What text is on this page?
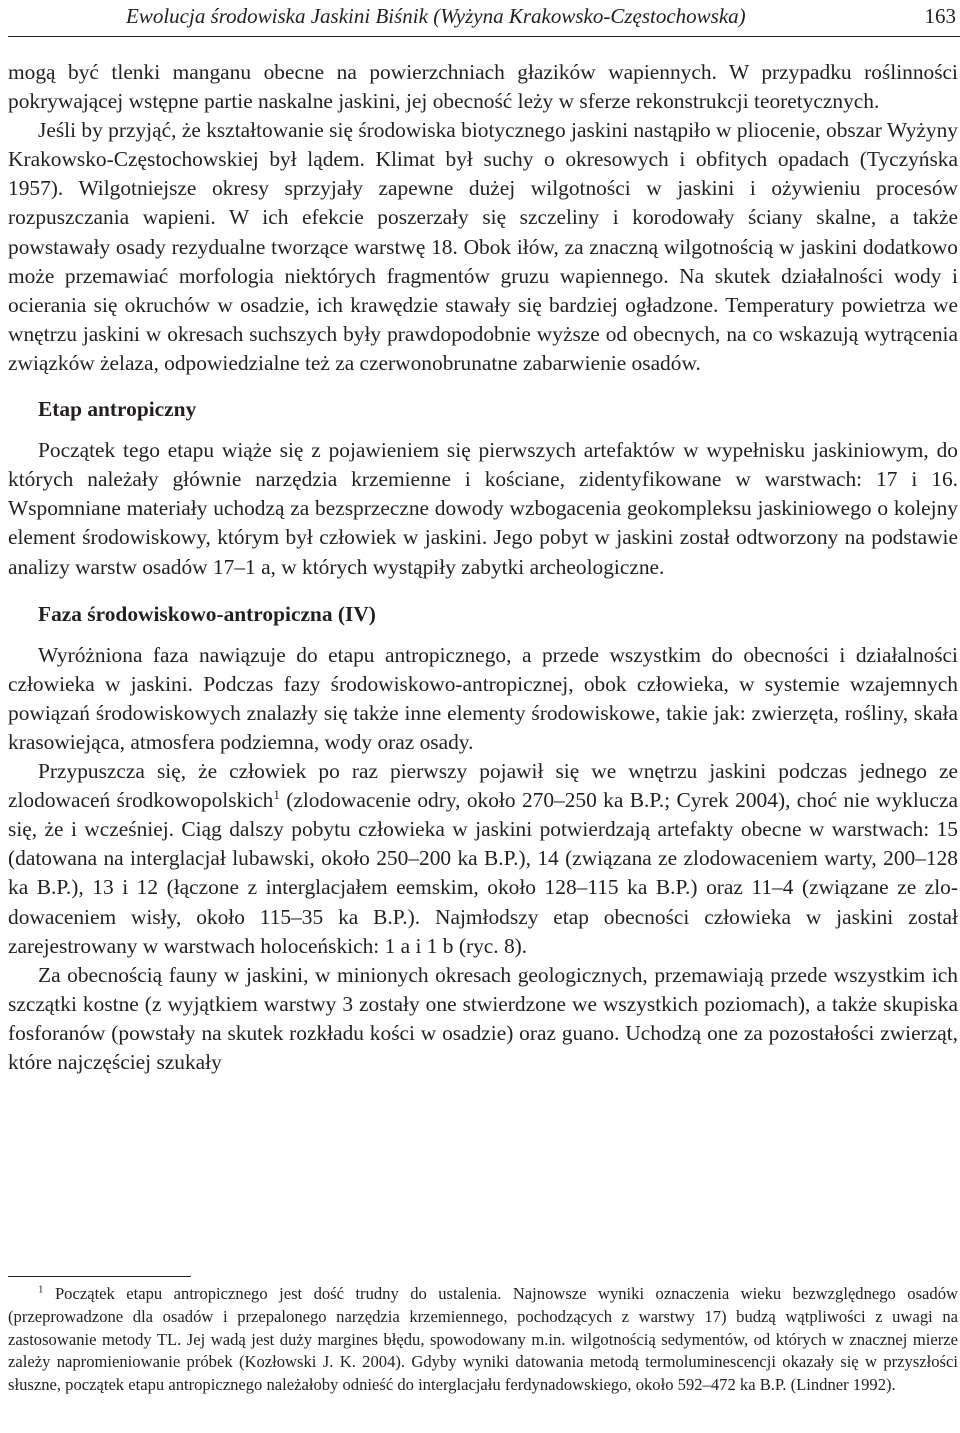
Ewolucja środowiska Jaskini Biśnik (Wyżyna Krakowsko-Częstochowska)	163

mogą być tlenki manganu obecne na powierzchniach głazików wapiennych. W przypadku roślinności pokrywającej wstępne partie naskalne jaskini, jej obecność leży w sferze rekonstrukcji teoretycznych.

Jeśli by przyjąć, że kształtowanie się środowiska biotycznego jaskini nastąpiło w pliocenie, obszar Wyżyny Krakowsko-Częstochowskiej był lądem. Klimat był suchy o okresowych i obfitych opadach (Tyczyńska 1957). Wilgotniejsze okresy sprzyjały zapewne dużej wilgotności w jaskini i ożywieniu procesów rozpuszczania wapieni. W ich efekcie poszerzały się szczeliny i korodowały ściany skalne, a także powstawały osady rezydualne tworzące warstwę 18. Obok iłów, za znaczną wilgotnością w jaskini dodatkowo może przemawiać morfologia niektórych fragmentów gruzu wapiennego. Na skutek działalności wody i ocierania się okruchów w osadzie, ich krawędzie stawały się bardziej ogładzone. Temperatury powietrza we wnętrzu jaskini w okresach suchszych były prawdopodobnie wyższe od obecnych, na co wskazują wytrącenia związków żelaza, odpowiedzialne też za czerwonobrunatne zabarwienie osadów.

Etap antropiczny

Początek tego etapu wiąże się z pojawieniem się pierwszych artefaktów w wypełnisku jaskiniowym, do których należały głównie narzędzia krzemienne i kościane, zidentyfikowane w warstwach: 17 i 16. Wspomniane materiały uchodzą za bezsprzeczne dowody wzbogacenia geokompleksu jaskiniowego o kolejny element środowiskowy, którym był człowiek w jaskini. Jego pobyt w jaskini został odtworzony na podstawie analizy warstw osadów 17–1 a, w których wystąpiły zabytki archeologiczne.

Faza środowiskowo-antropiczna (IV)

Wyróżniona faza nawiązuje do etapu antropicznego, a przede wszystkim do obecności i działalności człowieka w jaskini. Podczas fazy środowiskowo-antropicznej, obok człowieka, w systemie wzajemnych powiązań środowiskowych znalazły się także inne elementy środowiskowe, takie jak: zwierzęta, rośliny, skała krasowiejąca, atmosfera podziemna, wody oraz osady.

Przypuszcza się, że człowiek po raz pierwszy pojawił się we wnętrzu jaskini podczas jednego ze zlodowaceń środkowopolskich$^1$ (zlodowacenie odry, około 270–250 ka B.P.; Cyrek 2004), choć nie wyklucza się, że i wcześniej. Ciąg dalszy pobytu człowieka w jaskini potwierdzają artefakty obecne w warstwach: 15 (datowana na interglacjał lubawski, około 250–200 ka B.P.), 14 (związana ze zlodowaceniem warty, 200–128 ka B.P.), 13 i 12 (łączone z interglacjałem eemskim, około 128–115 ka B.P.) oraz 11–4 (związane ze zlodowaceniem wisły, około 115–35 ka B.P.). Najmłodszy etap obecności człowieka w jaskini został zarejestrowany w warstwach holoceńskich: 1 a i 1 b (ryc. 8).

Za obecnością fauny w jaskini, w minionych okresach geologicznych, przemawiają przede wszystkim ich szczątki kostne (z wyjątkiem warstwy 3 zostały one stwierdzone we wszystkich poziomach), a także skupiska fosforanów (powstały na skutek rozkładu kości w osadzie) oraz guano. Uchodzą one za pozostałości zwierząt, które najczęściej szukały

$^1$ Początek etapu antropicznego jest dość trudny do ustalenia. Najnowsze wyniki oznaczenia wieku bezwzględnego osadów (przeprowadzone dla osadów i przepalonego narzędzia krzemiennego, pochodzących z warstwy 17) budzą wątpliwości z uwagi na zastosowanie metody TL. Jej wadą jest duży margines błędu, spowodowany m.in. wilgotnością sedymentów, od których w znacznej mierze zależy napromieniowanie próbek (Kozłowski J. K. 2004). Gdyby wyniki datowania metodą termoluminescencji okazały się w przyszłości słuszne, początek etapu antropicznego należałoby odnieść do interglacjału ferdynadowskiego, około 592–472 ka B.P. (Lindner 1992).
